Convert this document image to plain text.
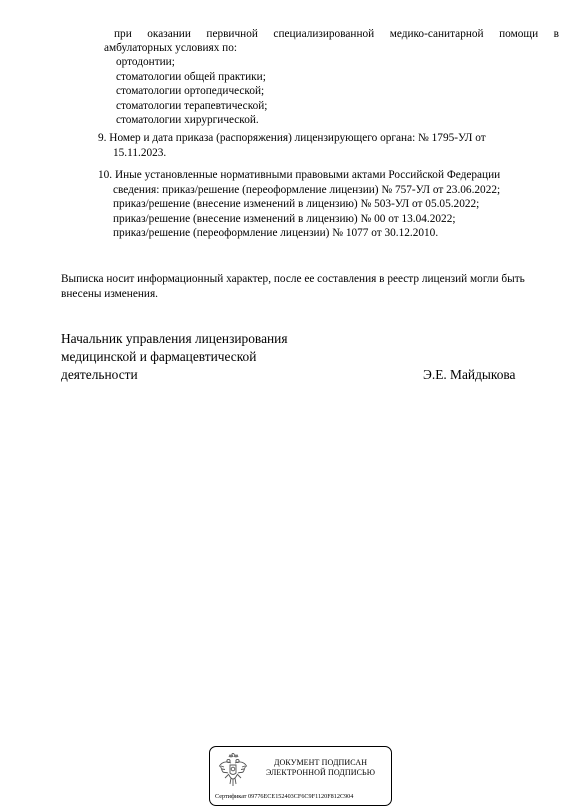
при оказании первичной специализированной медико-санитарной помощи в
амбулаторных условиях по:
ортодонтии;
стоматологии общей практики;
стоматологии ортопедической;
стоматологии терапевтической;
стоматологии хирургической.
9. Номер и дата приказа (распоряжения) лицензирующего органа: № 1795-УЛ от
15.11.2023.
10. Иные установленные нормативными правовыми актами Российской Федерации
сведения: приказ/решение (переоформление лицензии) № 757-УЛ от 23.06.2022;
приказ/решение (внесение изменений в лицензию) № 503-УЛ от 05.05.2022;
приказ/решение (внесение изменений в лицензию) № 00 от 13.04.2022;
приказ/решение (переоформление лицензии) № 1077 от 30.12.2010.
Выписка носит информационный характер, после ее составления в реестр лицензий могли быть внесены изменения.
Начальник управления лицензирования
медицинской и фармацевтической
деятельности	Э.Е. Майдыкова
ДОКУМЕНТ ПОДПИСАН
ЭЛЕКТРОННОЙ ПОДПИСЬЮ
Сертификат 09776ECE152403CF6C9F1120F812C904
